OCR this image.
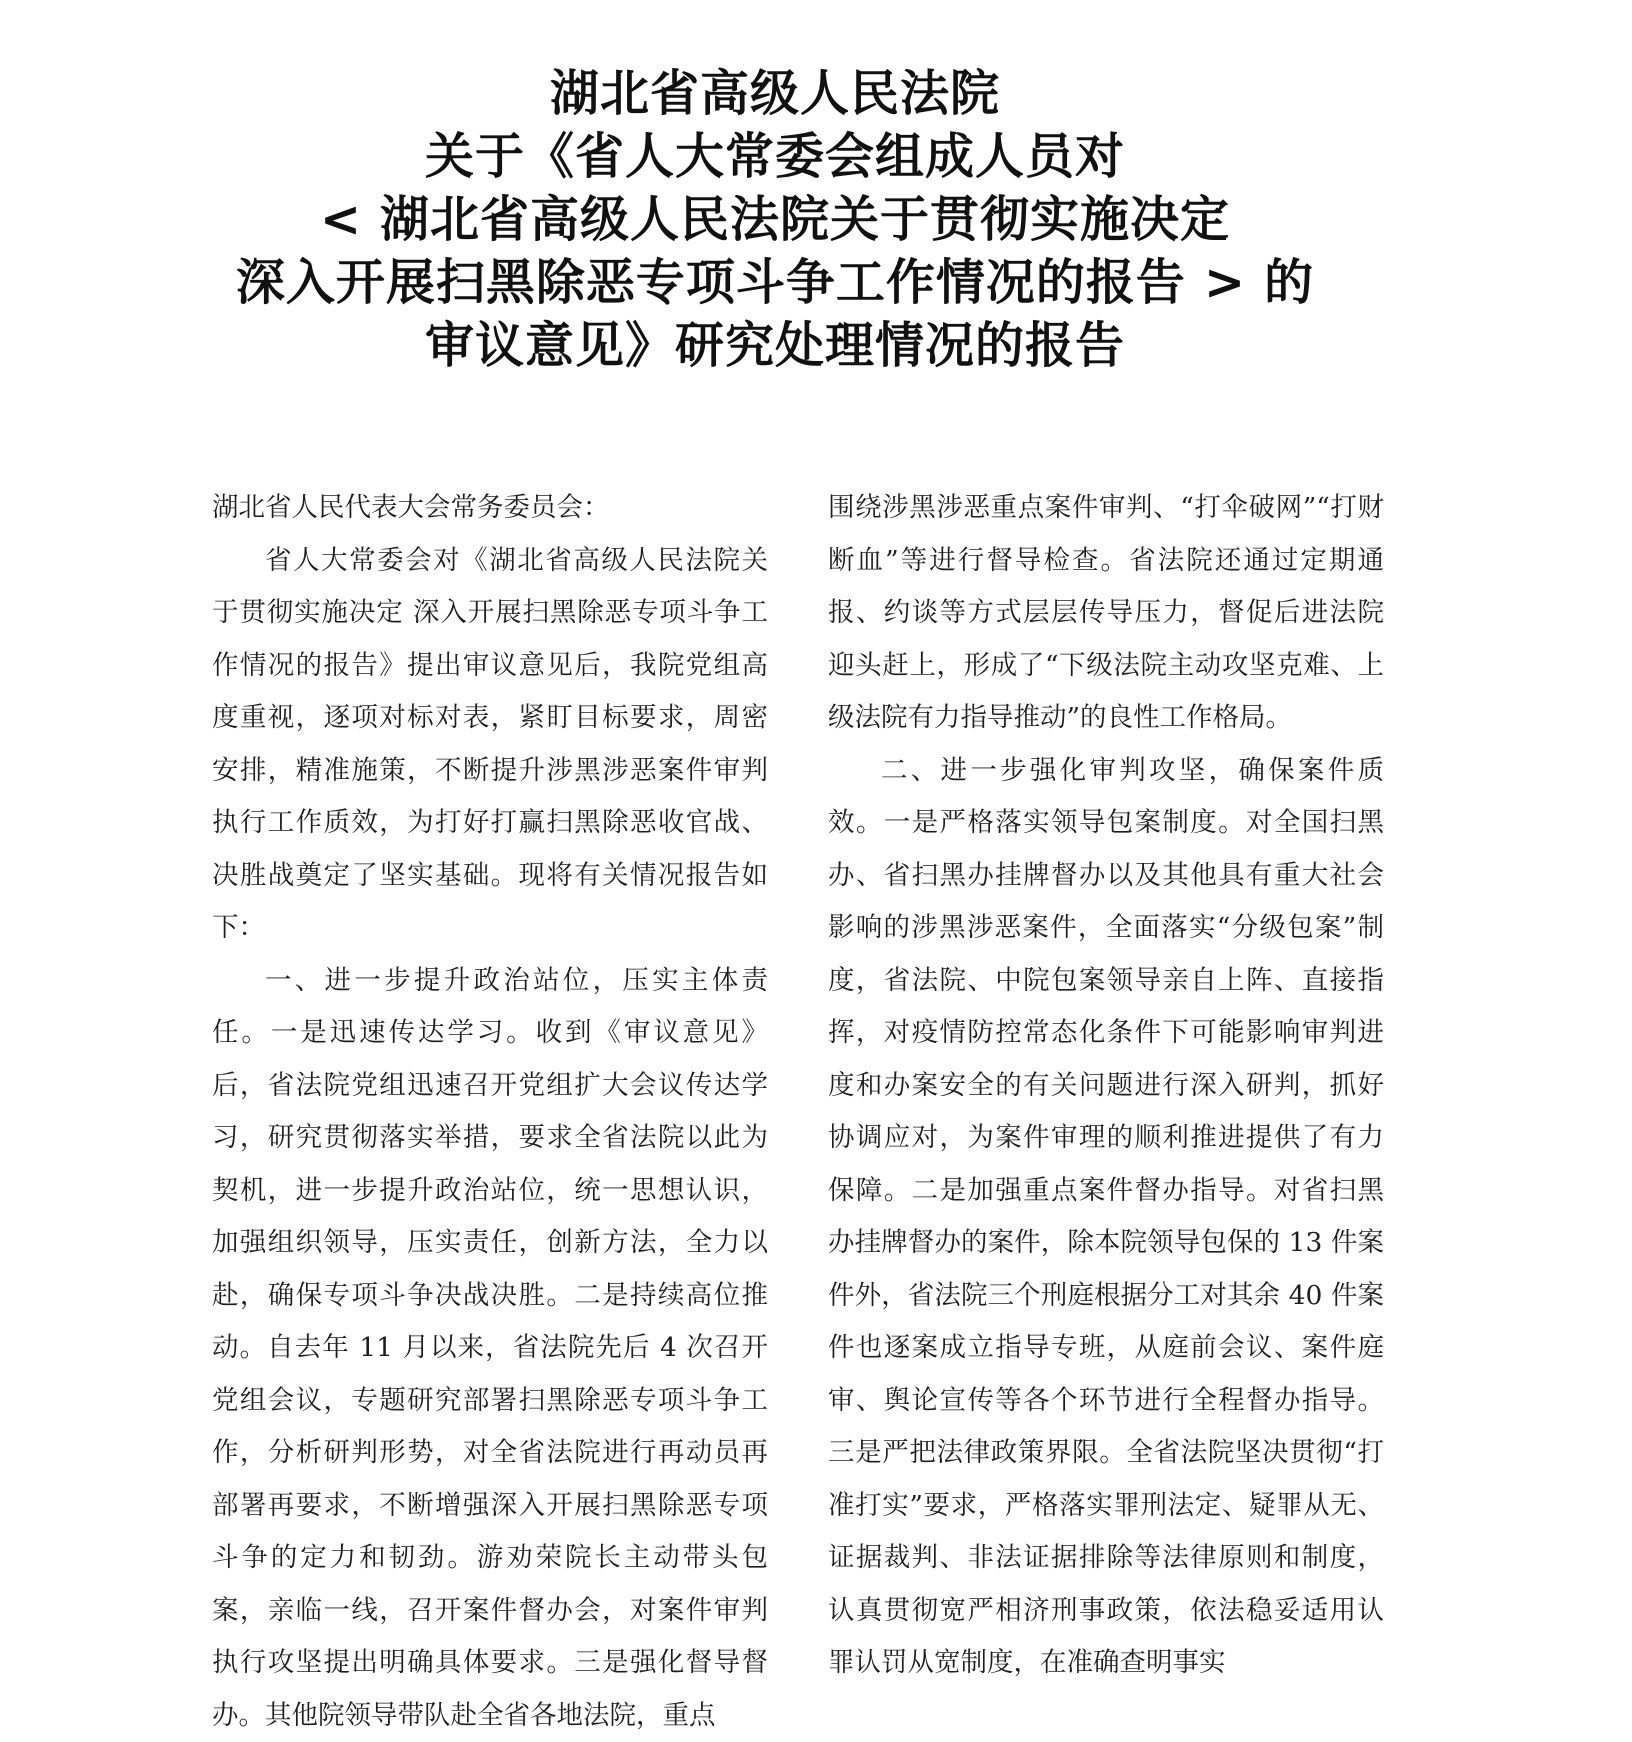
湖北省高级人民法院
关于《省人大常委会组成人员对
< 湖北省高级人民法院关于贯彻实施决定
深入开展扫黑除恶专项斗争工作情况的报告 > 的
审议意见》研究处理情况的报告

湖北省人民代表大会常务委员会：

省人大常委会对《湖北省高级人民法院关于贯彻实施决定 深入开展扫黑除恶专项斗争工作情况的报告》提出审议意见后，我院党组高度重视，逐项对标对表，紧盯目标要求，周密安排，精准施策，不断提升涉黑涉恶案件审判执行工作质效，为打好打赢扫黑除恶收官战、决胜战奠定了坚实基础。现将有关情况报告如下：

一、进一步提升政治站位，压实主体责任。一是迅速传达学习。收到《审议意见》后，省法院党组迅速召开党组扩大会议传达学习，研究贯彻落实举措，要求全省法院以此为契机，进一步提升政治站位，统一思想认识，加强组织领导，压实责任，创新方法，全力以赴，确保专项斗争决战决胜。二是持续高位推动。自去年 11 月以来，省法院先后 4 次召开党组会议，专题研究部署扫黑除恶专项斗争工作，分析研判形势，对全省法院进行再动员再部署再要求，不断增强深入开展扫黑除恶专项斗争的定力和韧劲。游劝荣院长主动带头包案，亲临一线，召开案件督办会，对案件审判执行攻坚提出明确具体要求。三是强化督导督办。其他院领导带队赴全省各地法院，重点

围绕涉黑涉恶重点案件审判、“打伞破网”“打财断血”等进行督导检查。省法院还通过定期通报、约谈等方式层层传导压力，督促后进法院迎头赶上，形成了“下级法院主动攻坚克难、上级法院有力指导推动”的良性工作格局。

二、进一步强化审判攻坚，确保案件质效。一是严格落实领导包案制度。对全国扫黑办、省扫黑办挂牌督办以及其他具有重大社会影响的涉黑涉恶案件，全面落实“分级包案”制度，省法院、中院包案领导亲自上阵、直接指挥，对疫情防控常态化条件下可能影响审判进度和办案安全的有关问题进行深入研判，抓好协调应对，为案件审理的顺利推进提供了有力保障。二是加强重点案件督办指导。对省扫黑办挂牌督办的案件，除本院领导包保的 13 件案件外，省法院三个刑庭根据分工对其余 40 件案件也逐案成立指导专班，从庭前会议、案件庭审、舆论宣传等各个环节进行全程督办指导。三是严把法律政策界限。全省法院坚决贯彻“打准打实”要求，严格落实罪刑法定、疑罪从无、证据裁判、非法证据排除等法律原则和制度，认真贯彻宽严相济刑事政策，依法稳妥适用认罪认罚从宽制度，在准确查明事实
